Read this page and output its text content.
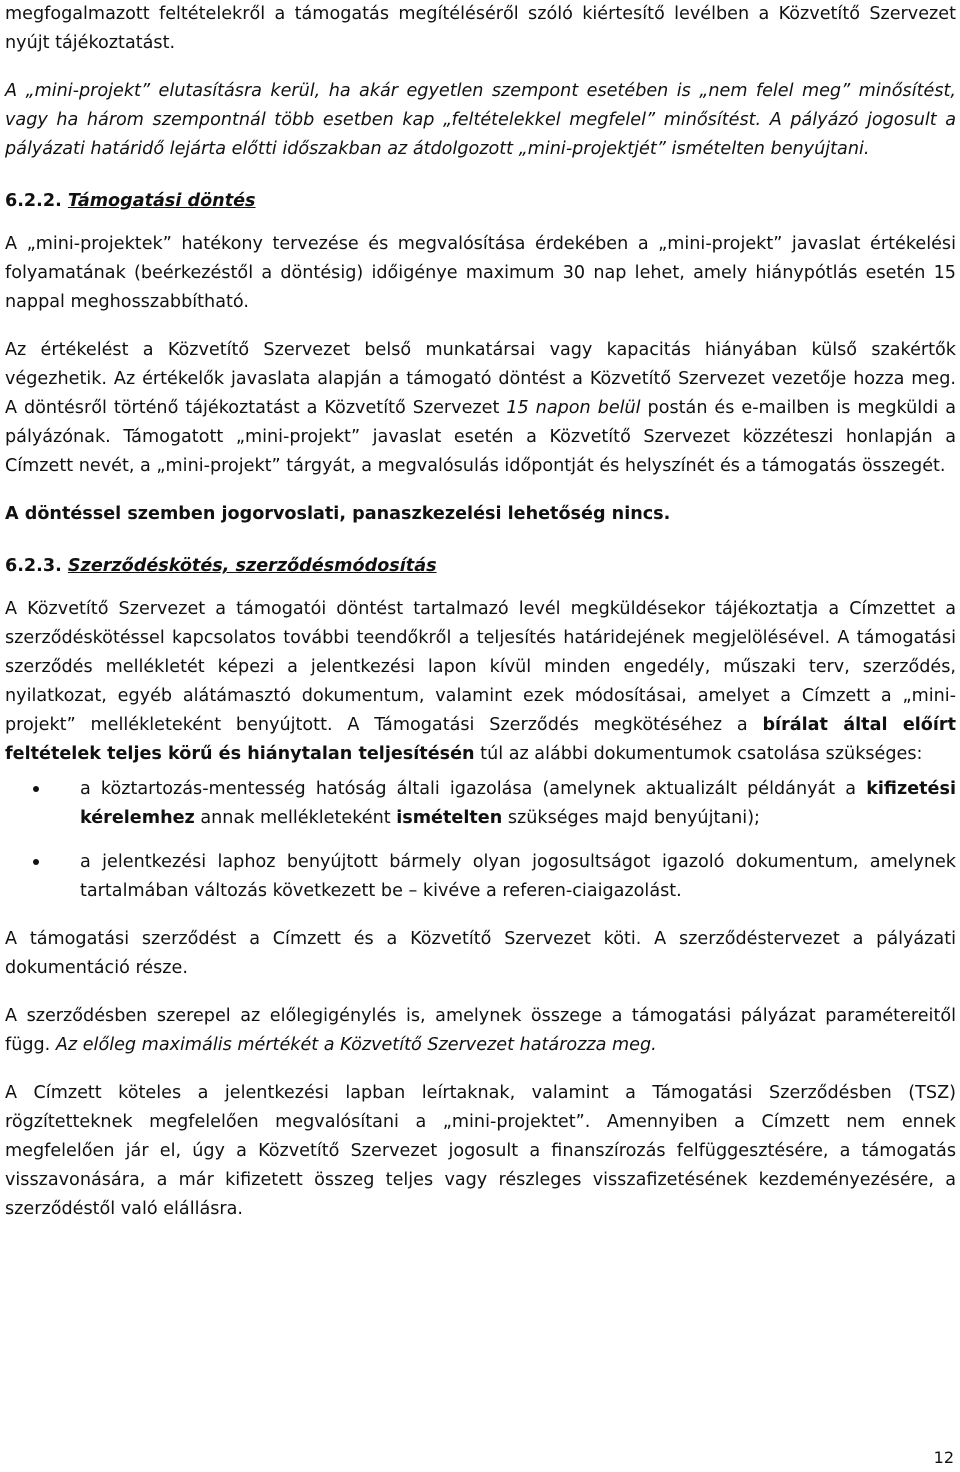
megfogalmazott feltételekről a támogatás megítéléséről szóló kiértesítő levélben a Közvetítő Szervezet nyújt tájékoztatást.

A „mini-projekt” elutasításra kerül, ha akár egyetlen szempont esetében is „nem felel meg” minősítést, vagy ha három szempontnál több esetben kap „feltételekkel megfelel” minősítést. A pályázó jogosult a pályázati határidő lejárta előtti időszakban az átdolgozott „mini-projektjét” ismételten benyújtani.

6.2.2. Támogatási döntés

A „mini-projektek” hatékony tervezése és megvalósítása érdekében a „mini-projekt” javaslat értékelési folyamatának (beérkezéstől a döntésig) időigénye maximum 30 nap lehet, amely hiánypótlás esetén 15 nappal meghosszabbítható.

Az értékelést a Közvetítő Szervezet belső munkatársai vagy kapacitás hiányában külső szakértők végezhetik. Az értékelők javaslata alapján a támogató döntést a Közvetítő Szervezet vezetője hozza meg. A döntésről történő tájékoztatást a Közvetítő Szervezet 15 napon belül postán és e-mailben is megküldi a pályázónak. Támogatott „mini-projekt” javaslat esetén a Közvetítő Szervezet közzéteszi honlapján a Címzett nevét, a „mini-projekt” tárgyát, a megvalósulás időpontját és helyszínét és a támogatás összegét.

A döntéssel szemben jogorvoslati, panaszkezelési lehetőség nincs.

6.2.3. Szerződéskötés, szerződésmódosítás

A Közvetítő Szervezet a támogatói döntést tartalmazó levél megküldésekor tájékoztatja a Címzettet a szerződéskötéssel kapcsolatos további teendőkről a teljesítés határidejének megjelölésével. A támogatási szerződés mellékletét képezi a jelentkezési lapon kívül minden engedély, műszaki terv, szerződés, nyilatkozat, egyéb alátámasztó dokumentum, valamint ezek módosításai, amelyet a Címzett a „mini-projekt” mellékleteként benyújtott. A Támogatási Szerződés megkötéséhez a bírálat által előírt feltételek teljes körű és hiánytalan teljesítésén túl az alábbi dokumentumok csatolása szükséges:

a köztartozás-mentesség hatóság általi igazolása (amelynek aktualizált példányát a kifizetési kérelemhez annak mellékleteként ismételten szükséges majd benyújtani);
a jelentkezési laphoz benyújtott bármely olyan jogosultságot igazoló dokumentum, amelynek tartalmában változás következett be – kivéve a referen-ciaigazolást.

A támogatási szerződést a Címzett és a Közvetítő Szervezet köti. A szerződéstervezet a pályázati dokumentáció része.

A szerződésben szerepel az előlegigénylés is, amelynek összege a támogatási pályázat paramétereitől függ. Az előleg maximális mértékét a Közvetítő Szervezet határozza meg.

A Címzett köteles a jelentkezési lapban leírtaknak, valamint a Támogatási Szerződésben (TSZ) rögzítetteknek megfelelően megvalósítani a „mini-projektet”. Amennyiben a Címzett nem ennek megfelelően jár el, úgy a Közvetítő Szervezet jogosult a finanszírozás felfüggesztésére, a támogatás visszavonására, a már kifizetett összeg teljes vagy részleges visszafizetésének kezdeményezésére, a szerződéstől való elállásra.

12
